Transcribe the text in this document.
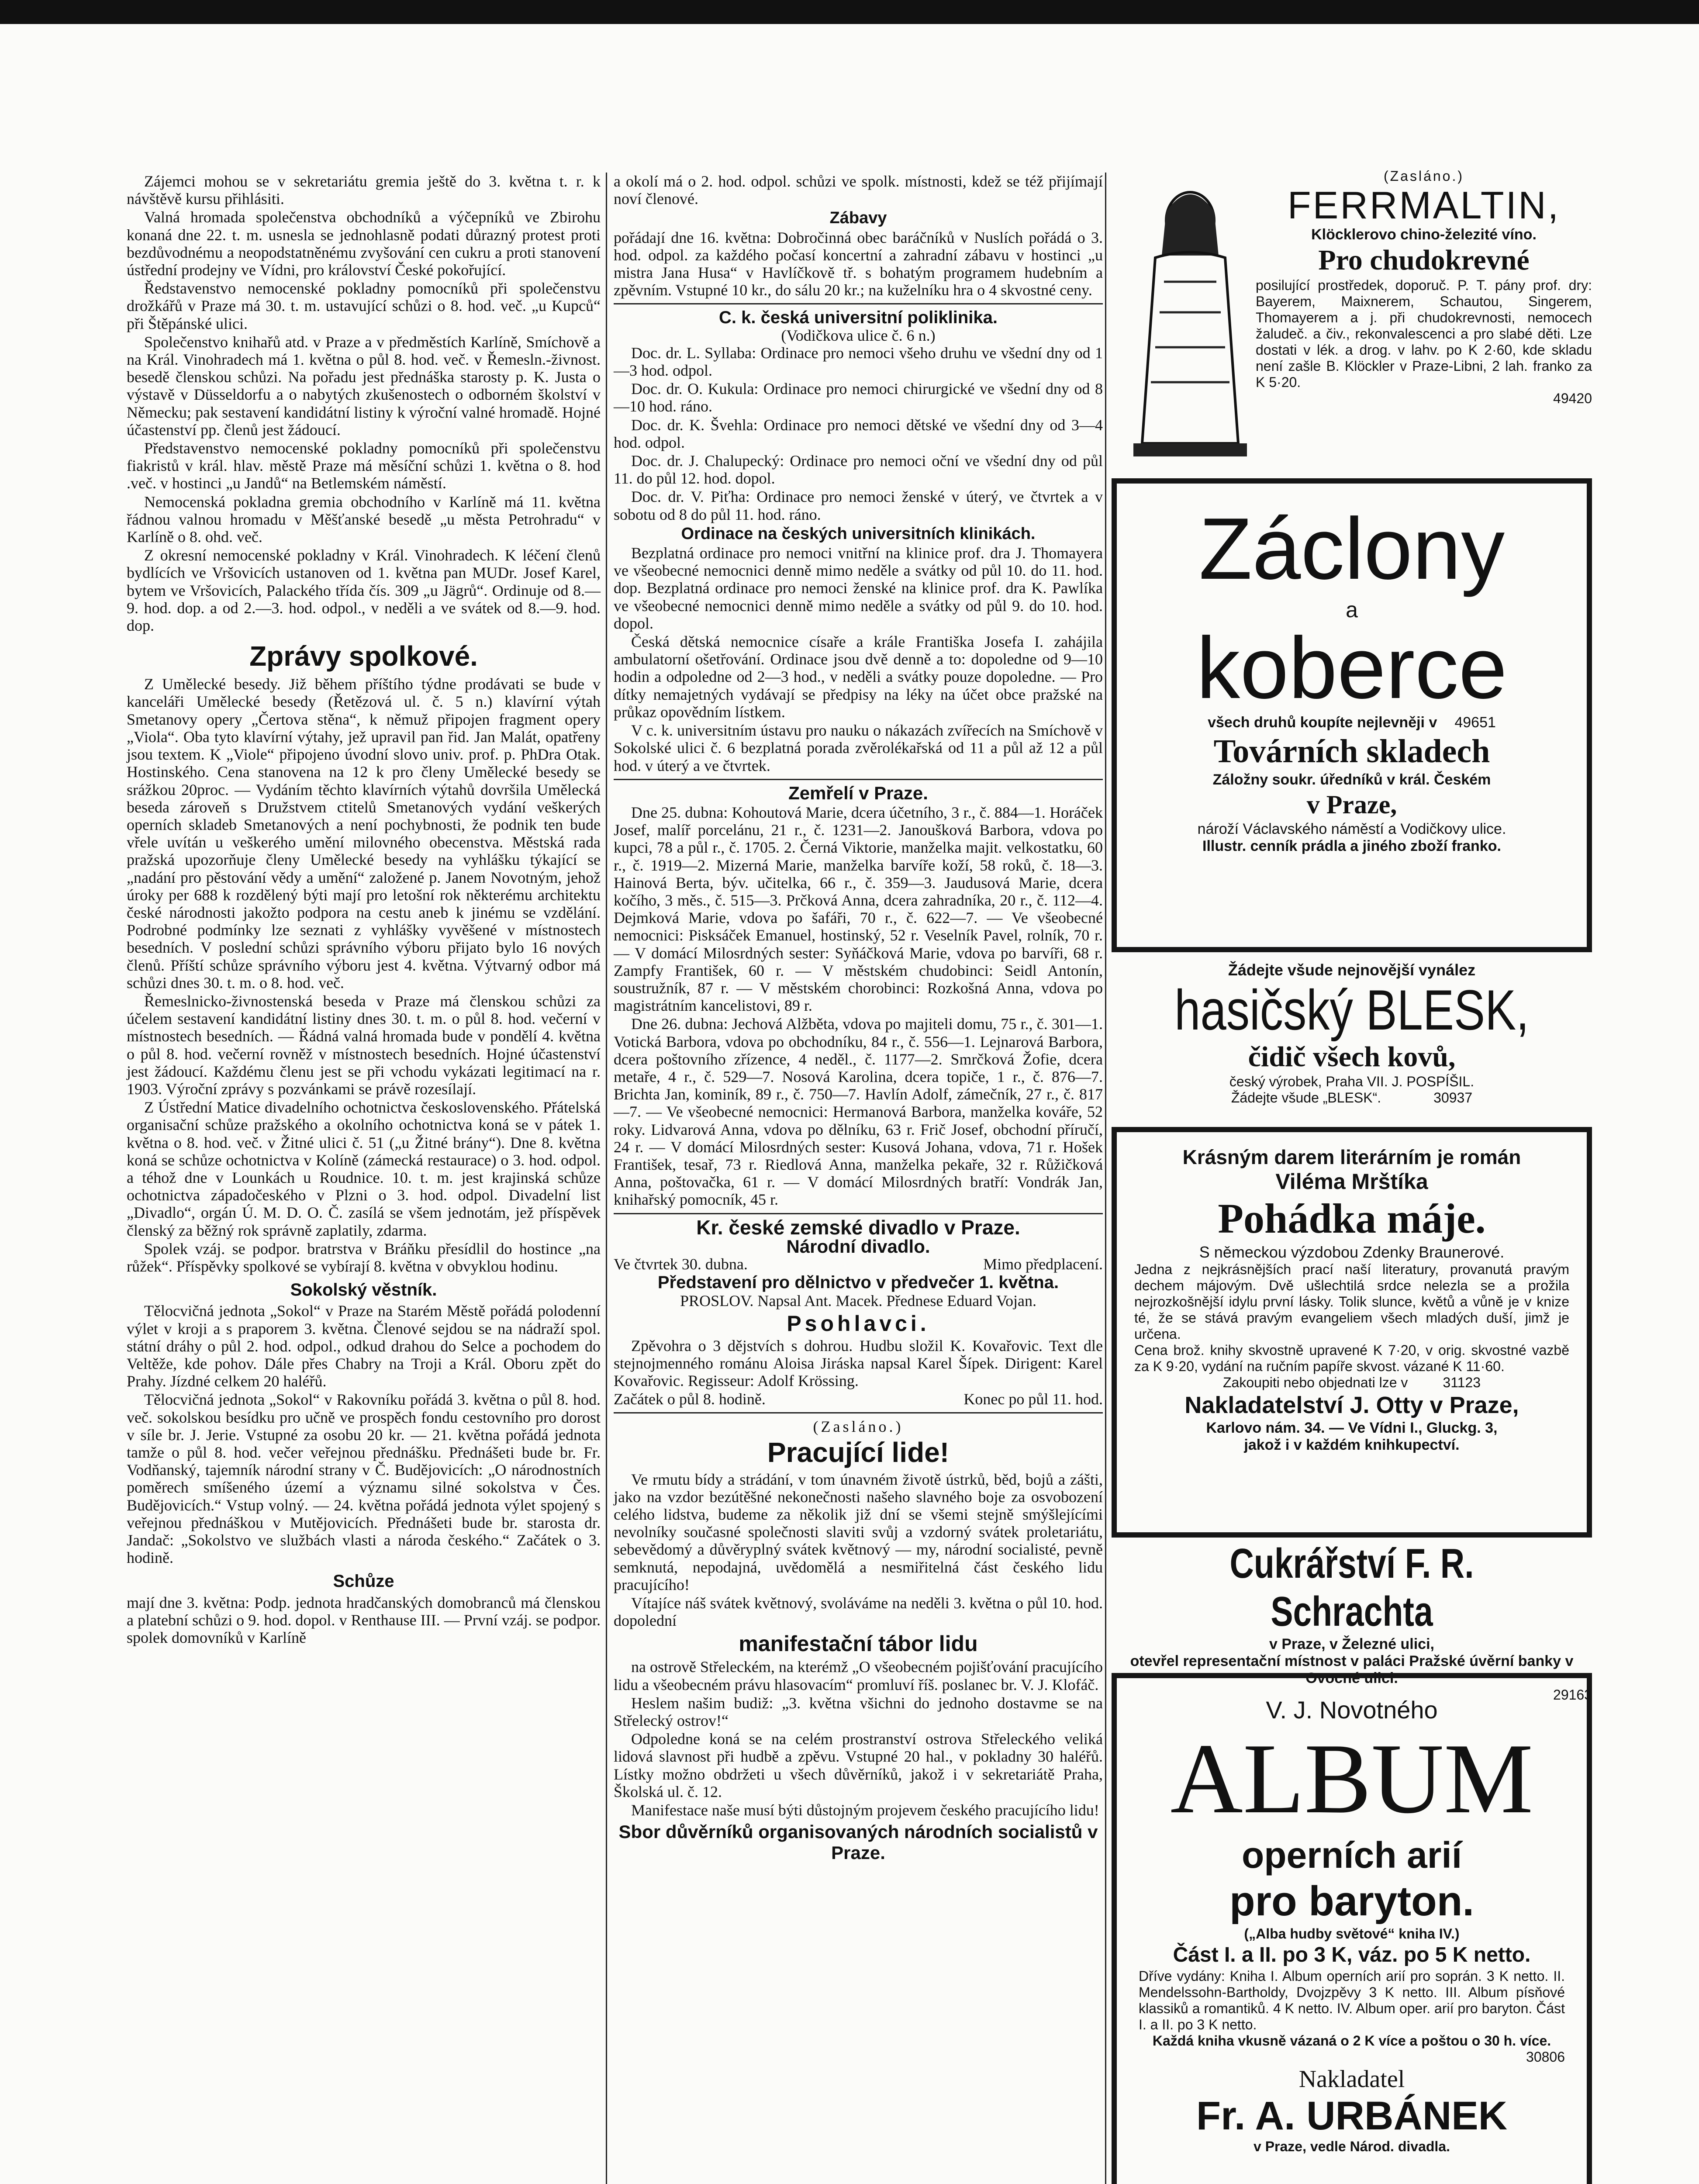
Zájemci mohou se v sekretariátu gremia ještě do 3. května t. r. k návštěvě kursu přihlásiti.

Valná hromada společenstva obchodníků a výčepníků ve Zbirohu konaná dne 22. t. m. usnesla se jednohlasně podati důrazný protest proti bezdůvodnému a neopodstatněnému zvyšování cen cukru a proti stanovení ústřední prodejny ve Vídni, pro království České pokořující.

Ředstavenstvo nemocenské pokladny pomocníků při společenstvu drožkářů v Praze má 30. t. m. ustavující schůzi o 8. hod. več. „u Kupců“ při Štěpánské ulici.

Společenstvo knihařů atd. v Praze a v předměstích Karlíně, Smíchově a na Král. Vinohradech má 1. května o půl 8. hod. več. v Řemesln.-živnost. besedě členskou schůzi. Na pořadu jest přednáška starosty p. K. Justa o výstavě v Düsseldorfu a o nabytých zkušenostech o odborném školství v Německu; pak sestavení kandidátní listiny k výroční valné hromadě. Hojné účastenství pp. členů jest žádoucí.

Představenstvo nemocenské pokladny pomocníků při společenstvu fiakristů v král. hlav. městě Praze má měsíční schůzi 1. května o 8. hod .več. v hostinci „u Jandů“ na Betlemském náměstí.

Nemocenská pokladna gremia obchodního v Karlíně má 11. května řádnou valnou hromadu v Měšťanské besedě „u města Petrohradu“ v Karlíně o 8. ohd. več.

Z okresní nemocenské pokladny v Král. Vinohradech. K léčení členů bydlících ve Vršovicích ustanoven od 1. května pan MUDr. Josef Karel, bytem ve Vršovicích, Palackého třída čís. 309 „u Jägrů“. Ordinuje od 8.—9. hod. dop. a od 2.—3. hod. odpol., v neděli a ve svátek od 8.—9. hod. dop.

Zprávy spolkové.

Z Umělecké besedy. Již během příštího týdne prodávati se bude v kanceláři Umělecké besedy (Řetězová ul. č. 5 n.) klavírní výtah Smetanovy opery „Čertova stěna“, k němuž připojen fragment opery „Viola“. Oba tyto klavírní výtahy, jež upravil pan řid. Jan Malát, opatřeny jsou textem. K „Viole“ připojeno úvodní slovo univ. prof. p. PhDra Otak. Hostinského. Cena stanovena na 12 k pro členy Umělecké besedy se srážkou 20proc. — Vydáním těchto klavírních výtahů dovršila Umělecká beseda zároveň s Družstvem ctitelů Smetanových vydání veškerých operních skladeb Smetanových a není pochybnosti, že podnik ten bude vřele uvítán u veškerého umění milovného obecenstva. Městská rada pražská upozorňuje členy Umělecké besedy na vyhlášku týkající se „nadání pro pěstování vědy a umění“ založené p. Janem Novotným, jehož úroky per 688 k rozdělený býti mají pro letošní rok některému architektu české národnosti jakožto podpora na cestu aneb k jinému se vzdělání. Podrobné podmínky lze seznati z vyhlášky vyvěšené v místnostech besedních. V poslední schůzi správního výboru přijato bylo 16 nových členů. Příští schůze správního výboru jest 4. května. Výtvarný odbor má schůzi dnes 30. t. m. o 8. hod. več.

Řemeslnicko-živnostenská beseda v Praze má členskou schůzi za účelem sestavení kandidátní listiny dnes 30. t. m. o půl 8. hod. večerní v místnostech besedních. — Řádná valná hromada bude v pondělí 4. května o půl 8. hod. večerní rovněž v místnostech besedních. Hojné účastenství jest žádoucí. Každému členu jest se při vchodu vykázati legitimací na r. 1903. Výroční zprávy s pozvánkami se právě rozesílají.

Z Ústřední Matice divadelního ochotnictva československého. Přátelská organisační schůze pražského a okolního ochotnictva koná se v pátek 1. května o 8. hod. več. v Žitné ulici č. 51 („u Žitné brány“). Dne 8. května koná se schůze ochotnictva v Kolíně (zámecká restaurace) o 3. hod. odpol. a téhož dne v Lounkách u Roudnice. 10. t. m. jest krajinská schůze ochotnictva západočeského v Plzni o 3. hod. odpol. Divadelní list „Divadlo“, orgán Ú. M. D. O. Č. zasílá se všem jednotám, jež příspěvek členský za běžný rok správně zaplatily, zdarma.

Spolek vzáj. se podpor. bratrstva v Bráňku přesídlil do hostince „na růžek“. Příspěvky spolkové se vybírají 8. května v obvyklou hodinu.

Sokolský věstník.

Tělocvičná jednota „Sokol“ v Praze na Starém Městě pořádá polodenní výlet v kroji a s praporem 3. května. Členové sejdou se na nádraží spol. státní dráhy o půl 2. hod. odpol., odkud drahou do Selce a pochodem do Veltěže, kde pohov. Dále přes Chabry na Troji a Král. Oboru zpět do Prahy. Jízdné celkem 20 haléřů.

Tělocvičná jednota „Sokol“ v Rakovníku pořádá 3. května o půl 8. hod. več. sokolskou besídku pro učně ve prospěch fondu cestovního pro dorost v síle br. J. Jerie. Vstupné za osobu 20 kr. — 21. května pořádá jednota tamže o půl 8. hod. večer veřejnou přednášku. Přednášeti bude br. Fr. Vodňanský, tajemník národní strany v Č. Budějovicích: „O národnostních poměrech smíšeného území a významu silné sokolstva v Čes. Budějovicích.“ Vstup volný. — 24. května pořádá jednota výlet spojený s veřejnou přednáškou v Mutějovicích. Přednášeti bude br. starosta dr. Jandač: „Sokolstvo ve službách vlasti a národa českého.“ Začátek o 3. hodině.

Schůze

mají dne 3. května: Podp. jednota hradčanských domobranců má členskou a platební schůzi o 9. hod. dopol. v Renthause III. — První vzáj. se podpor. spolek domovníků v Karlíně

a okolí má o 2. hod. odpol. schůzi ve spolk. místnosti, kdež se též přijímají noví členové.

Zábavy

pořádají dne 16. května: Dobročinná obec baráčníků v Nuslích pořádá o 3. hod. odpol. za každého počasí koncertní a zahradní zábavu v hostinci „u mistra Jana Husa“ v Havlíčkově tř. s bohatým programem hudebním a zpěvním. Vstupné 10 kr., do sálu 20 kr.; na kuželníku hra o 4 skvostné ceny.

C. k. česká universitní poliklinika.
(Vodičkova ulice č. 6 n.)

Doc. dr. L. Syllaba: Ordinace pro nemoci všeho druhu ve všední dny od 1—3 hod. odpol.

Doc. dr. O. Kukula: Ordinace pro nemoci chirurgické ve všední dny od 8—10 hod. ráno.

Doc. dr. K. Švehla: Ordinace pro nemoci dětské ve všední dny od 3—4 hod. odpol.

Doc. dr. J. Chalupecký: Ordinace pro nemoci oční ve všední dny od půl 11. do půl 12. hod. dopol.

Doc. dr. V. Piťha: Ordinace pro nemoci ženské v úterý, ve čtvrtek a v sobotu od 8 do půl 11. hod. ráno.

Ordinace na českých universitních klinikách.

Bezplatná ordinace pro nemoci vnitřní na klinice prof. dra J. Thomayera ve všeobecné nemocnici denně mimo neděle a svátky od půl 10. do 11. hod. dop. Bezplatná ordinace pro nemoci ženské na klinice prof. dra K. Pawlíka ve všeobecné nemocnici denně mimo neděle a svátky od půl 9. do 10. hod. dopol.

Česká dětská nemocnice císaře a krále Františka Josefa I. zahájila ambulatorní ošetřování. Ordinace jsou dvě denně a to: dopoledne od 9—10 hodin a odpoledne od 2—3 hod., v neděli a svátky pouze dopoledne. — Pro dítky nemajetných vydávají se předpisy na léky na účet obce pražské na průkaz opovědním lístkem.

V c. k. universitním ústavu pro nauku o nákazách zvířecích na Smíchově v Sokolské ulici č. 6 bezplatná porada zvěrolékařská od 11 a půl až 12 a půl hod. v úterý a ve čtvrtek.

Zemřelí v Praze.

Dne 25. dubna: Kohoutová Marie, dcera účetního, 3 r., č. 884—1. Horáček Josef, malíř porcelánu, 21 r., č. 1231—2. Janoušková Barbora, vdova po kupci, 78 a půl r., č. 1705. 2. Černá Viktorie, manželka majit. velkostatku, 60 r., č. 1919—2. Mizerná Marie, manželka barvíře koží, 58 roků, č. 18—3. Hainová Berta, býv. učitelka, 66 r., č. 359—3. Jaudusová Marie, dcera kočího, 3 měs., č. 515—3. Prčková Anna, dcera zahradníka, 20 r., č. 112—4. Dejmková Marie, vdova po šafáři, 70 r., č. 622—7. — Ve všeobecné nemocnici: Pisksáček Emanuel, hostinský, 52 r. Veselník Pavel, rolník, 70 r. — V domácí Milosrdných sester: Syňáčková Marie, vdova po barvíři, 68 r. Zampfy František, 60 r. — V městském chudobinci: Seidl Antonín, soustružník, 87 r. — V městském chorobinci: Rozkošná Anna, vdova po magistrátním kancelistovi, 89 r.

Dne 26. dubna: Jechová Alžběta, vdova po majiteli domu, 75 r., č. 301—1. Votická Barbora, vdova po obchodníku, 84 r., č. 556—1. Lejnarová Barbora, dcera poštovního zřízence, 4 neděl., č. 1177—2. Smrčková Žofie, dcera metaře, 4 r., č. 529—7. Nosová Karolina, dcera topiče, 1 r., č. 876—7. Brichta Jan, kominík, 89 r., č. 750—7. Havlín Adolf, zámečník, 27 r., č. 817—7. — Ve všeobecné nemocnici: Hermanová Barbora, manželka kováře, 52 roky. Lidvarová Anna, vdova po dělníku, 63 r. Frič Josef, obchodní příručí, 24 r. — V domácí Milosrdných sester: Kusová Johana, vdova, 71 r. Hošek František, tesař, 73 r. Riedlová Anna, manželka pekaře, 32 r. Růžičková Anna, poštovačka, 61 r. — V domácí Milosrdných bratří: Vondrák Jan, knihařský pomocník, 45 r.

Kr. české zemské divadlo v Praze.
Národní divadlo.
Ve čtvrtek 30. dubna.	Mimo předplacení.
Představení pro dělnictvo v předvečer 1. května.
PROSLOV. Napsal Ant. Macek. Přednese Eduard Vojan.
Psohlavci.

Zpěvohra o 3 dějstvích s dohrou. Hudbu složil K. Kovařovic. Text dle stejnojmenného románu Aloisa Jiráska napsal Karel Šípek. Dirigent: Karel Kovařovic. Regisseur: Adolf Krössing.

Začátek o půl 8. hodině.	Konec po půl 11. hod.
(Zasláno.)
Pracující lide!

Ve rmutu bídy a strádání, v tom únavném životě ústrků, běd, bojů a zášti, jako na vzdor bezútěšné nekonečnosti našeho slavného boje za osvobození celého lidstva, budeme za několik již dní se všemi stejně smýšlejícími nevolníky současné společnosti slaviti svůj a vzdorný svátek proletariátu, sebevědomý a důvěryplný svátek květnový — my, národní socialisté, pevně semknutá, nepodajná, uvědomělá a nesmiřitelná část českého lidu pracujícího!

Vítajíce náš svátek květnový, svoláváme na neděli 3. května o půl 10. hod. dopolední

manifestační tábor lidu

na ostrově Střeleckém, na kterémž „O všeobecném pojišťování pracujícího lidu a všeobecném právu hlasovacím“ promluví říš. poslanec br. V. J. Klofáč.

Heslem našim budiž: „3. května všichni do jednoho dostavme se na Střelecký ostrov!“

Odpoledne koná se na celém prostranství ostrova Střeleckého veliká lidová slavnost při hudbě a zpěvu. Vstupné 20 hal., v pokladny 30 haléřů. Lístky možno obdržeti u všech důvěrníků, jakož i v sekretariátě Praha, Školská ul. č. 12.

Manifestace naše musí býti důstojným projevem českého pracujícího lidu!

Sbor důvěrníků organisovaných národních socialistů v Praze.
(Zasláno.)
FERRMALTIN,
Klöcklerovo chino-železité víno.
Pro chudokrevné
posilující prostředek, doporuč. P. T. pány prof. dry: Bayerem, Maixnerem, Schautou, Singerem, Thomayerem a j. při chudokrevnosti, nemocech žaludeč. a čiv., rekonvalescenci a pro slabé děti. Lze dostati v lék. a drog. v lahv. po K 2·60, kde skladu není zašle B. Klöckler v Praze-Libni, 2 lah. franko za K 5·20.
49420
Záclony
a
koberce
všech druhů koupíte nejlevněji v 49651
Továrních skladech
Záložny soukr. úředníků v král. Českém
v Praze,
nároží Václavského náměstí a Vodičkovy ulice.
Illustr. cenník prádla a jiného zboží franko.
Žádejte všude nejnovější vynález
hasičský BLESK,
čidič všech kovů,
český výrobek, Praha VII. J. POSPÍŠIL.
Žádejte všude „BLESK“.	30937
Krásným darem literárním je román
Viléma Mrštíka
Pohádka máje.
S německou výzdobou Zdenky Braunerové.
Jedna z nejkrásnějších prací naší literatury, provanutá pravým dechem májovým. Dvě ušlechtilá srdce nelezla se a prožila nejrozkošnější idylu první lásky. Tolik slunce, květů a vůně je v knize té, že se stává pravým evangeliem všech mladých duší, jimž je určena.
Cena brož. knihy skvostně upravené K 7·20, v orig. skvostné vazbě za K 9·20, vydání na ručním papíře skvost. vázané K 11·60.
Zakoupiti nebo objednati lze v	31123
Nakladatelství J. Otty v Praze,
Karlovo nám. 34. — Ve Vídni I., Gluckg. 3,
jakož i v každém knihkupectví.
Cukrářství F. R. Schrachta
v Praze, v Železné ulici,
otevřel representační místnost v paláci Pražské úvěrní banky v Ovocné ulici.
29163
V. J. Novotného
ALBUM
operních arií
pro baryton.
(„Alba hudby světové“ kniha IV.)
Část I. a II. po 3 K, váz. po 5 K netto.
Dříve vydány: Kniha I. Album operních arií pro soprán. 3 K netto. II. Mendelssohn-Bartholdy, Dvojzpěvy 3 K netto. III. Album písňové klassiků a romantiků. 4 K netto. IV. Album oper. arií pro baryton. Část I. a II. po 3 K netto.
Každá kniha vkusně vázaná o 2 K více a poštou o 30 h. více.
30806
Nakladatel
Fr. A. URBÁNEK
v Praze, vedle Národ. divadla.
